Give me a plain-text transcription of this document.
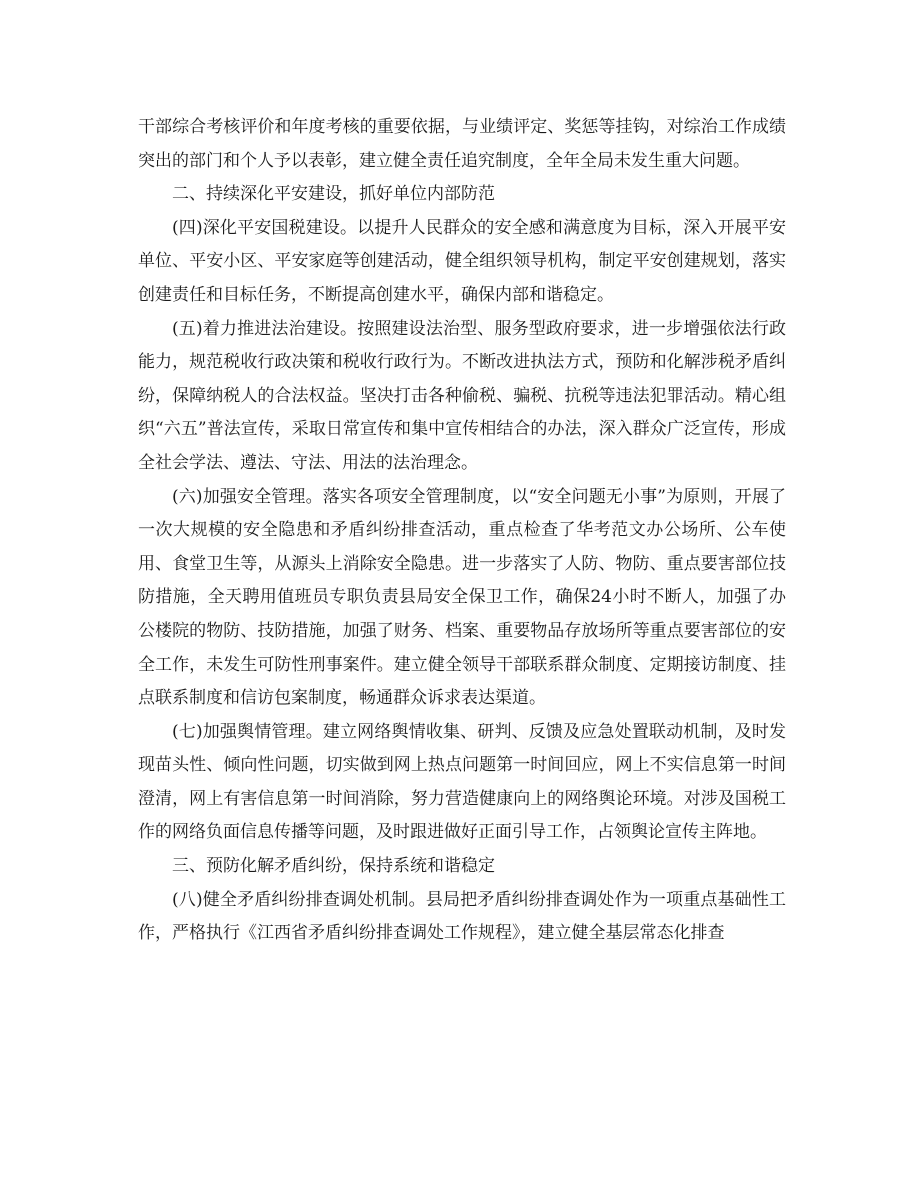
干部综合考核评价和年度考核的重要依据，与业绩评定、奖惩等挂钩，对综治工作成绩突出的部门和个人予以表彰，建立健全责任追究制度，全年全局未发生重大问题。

二、持续深化平安建设，抓好单位内部防范

(四)深化平安国税建设。以提升人民群众的安全感和满意度为目标，深入开展平安单位、平安小区、平安家庭等创建活动，健全组织领导机构，制定平安创建规划，落实创建责任和目标任务，不断提高创建水平，确保内部和谐稳定。

(五)着力推进法治建设。按照建设法治型、服务型政府要求，进一步增强依法行政能力，规范税收行政决策和税收行政行为。不断改进执法方式，预防和化解涉税矛盾纠纷，保障纳税人的合法权益。坚决打击各种偷税、骗税、抗税等违法犯罪活动。精心组织“六五”普法宣传，采取日常宣传和集中宣传相结合的办法，深入群众广泛宣传，形成全社会学法、遵法、守法、用法的法治理念。

(六)加强安全管理。落实各项安全管理制度，以“安全问题无小事”为原则，开展了一次大规模的安全隐患和矛盾纠纷排查活动，重点检查了华考范文办公场所、公车使用、食堂卫生等，从源头上消除安全隐患。进一步落实了人防、物防、重点要害部位技防措施，全天聘用值班员专职负责县局安全保卫工作，确保24小时不断人，加强了办公楼院的物防、技防措施，加强了财务、档案、重要物品存放场所等重点要害部位的安全工作，未发生可防性刑事案件。建立健全领导干部联系群众制度、定期接访制度、挂点联系制度和信访包案制度，畅通群众诉求表达渠道。

(七)加强舆情管理。建立网络舆情收集、研判、反馈及应急处置联动机制，及时发现苗头性、倾向性问题，切实做到网上热点问题第一时间回应，网上不实信息第一时间澄清，网上有害信息第一时间消除，努力营造健康向上的网络舆论环境。对涉及国税工作的网络负面信息传播等问题，及时跟进做好正面引导工作，占领舆论宣传主阵地。

三、预防化解矛盾纠纷，保持系统和谐稳定

(八)健全矛盾纠纷排查调处机制。县局把矛盾纠纷排查调处作为一项重点基础性工作，严格执行《江西省矛盾纠纷排查调处工作规程》，建立健全基层常态化排查
